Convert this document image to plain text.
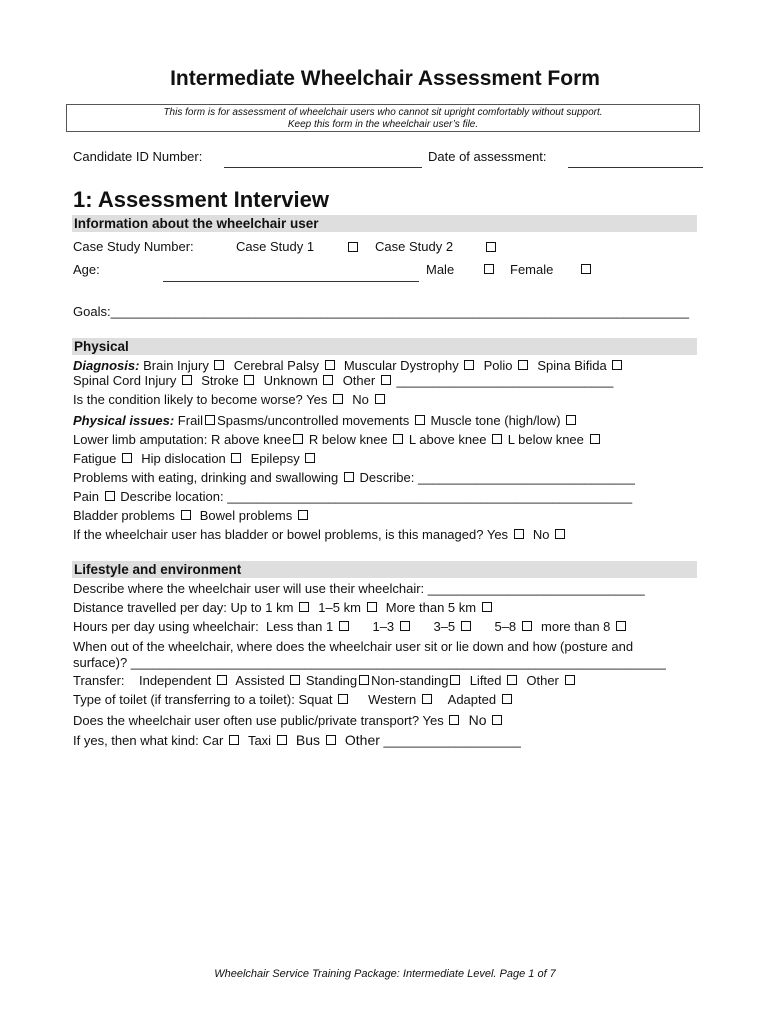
Intermediate Wheelchair Assessment Form
This form is for assessment of wheelchair users who cannot sit upright comfortably without support.
Keep this form in the wheelchair user’s file.
Candidate ID Number:	Date of assessment:
1: Assessment Interview
Information about the wheelchair user
Case Study Number:	Case Study 1	Case Study 2
Age:	Male	Female
Goals:________________________________________________________________________________
Physical
Diagnosis: Brain Injury Cerebral Palsy Muscular Dystrophy Polio Spina Bifida
Spinal Cord Injury Stroke Unknown Other ______________________________
Is the condition likely to become worse? Yes No
Physical issues: Frail Spasms/uncontrolled movements Muscle tone (high/low)
Lower limb amputation: R above knee R below knee L above knee L below knee
Fatigue Hip dislocation Epilepsy
Problems with eating, drinking and swallowing Describe: ______________________________
Pain Describe location: ________________________________________________________
Bladder problems Bowel problems
If the wheelchair user has bladder or bowel problems, is this managed? Yes No
Lifestyle and environment
Describe where the wheelchair user will use their wheelchair: ______________________________
Distance travelled per day: Up to 1 km 1–5 km More than 5 km
Hours per day using wheelchair: Less than 1	1–3	3–5	5–8 more than 8
When out of the wheelchair, where does the wheelchair user sit or lie down and how (posture and
surface)? __________________________________________________________________________
Transfer: Independent Assisted Standing Non-standing Lifted Other
Type of toilet (if transferring to a toilet): Squat	Western Adapted
Does the wheelchair user often use public/private transport? Yes No
If yes, then what kind: Car Taxi Bus Other ___________________
Wheelchair Service Training Package: Intermediate Level. Page 1 of 7
